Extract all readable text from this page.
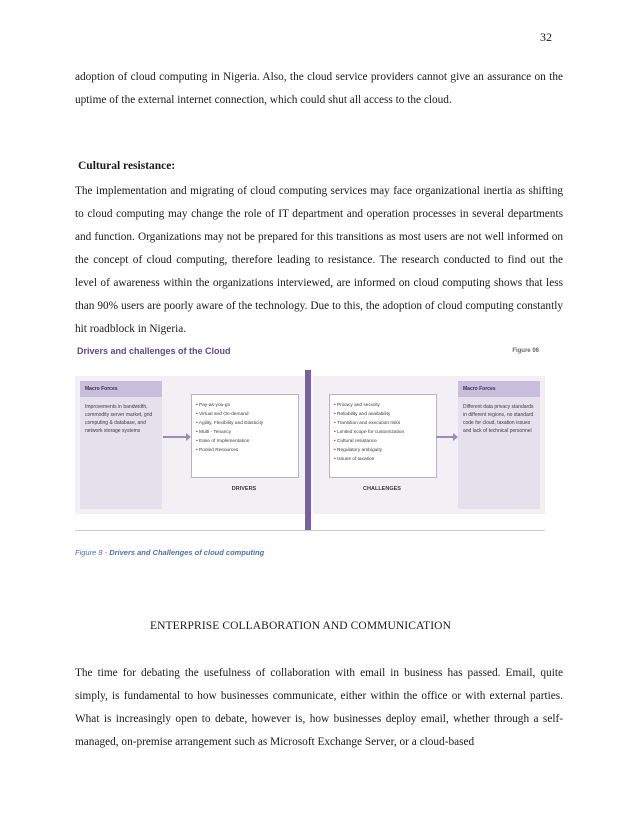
32
adoption of cloud computing in Nigeria. Also, the cloud service providers cannot give an assurance on the uptime of the external internet connection, which could shut all access to the cloud.
Cultural resistance:
The implementation and migrating of cloud computing services may face organizational inertia as shifting to cloud computing may change the role of IT department and operation processes in several departments and function. Organizations may not be prepared for this transitions as most users are not well informed on the concept of cloud computing, therefore leading to resistance. The research conducted to find out the level of awareness within the organizations interviewed, are informed on cloud computing shows that less than 90% users are poorly aware of the technology. Due to this, the adoption of cloud computing constantly hit roadblock in Nigeria.
Drivers and challenges of the Cloud	Figure 06
Macro Forces
Improvements in bandwidth, commodity server market, grid computing & database, and network storage systems
• Pay-as-you-go
• Virtual and On-demand
• Agility, Flexibility and Elasticity
• Multi - Tenancy
• Ease of Implementation
• Pooled Resources
DRIVERS
• Privacy and security
• Reliability and availability
• Transition and execution risks
• Limited scope for customization
• Cultural resistance
• Regulatory ambiguity
• Issues of taxation
CHALLENGES
Macro Forces
Different data privacy standards in different regions, no standard code for cloud, taxation issues and lack of technical personnel
Figure 8 - Drivers and Challenges of cloud computing
ENTERPRISE COLLABORATION AND COMMUNICATION
The time for debating the usefulness of collaboration with email in business has passed. Email, quite simply, is fundamental to how businesses communicate, either within the office or with external parties. What is increasingly open to debate, however is, how businesses deploy email, whether through a self-managed, on-premise arrangement such as Microsoft Exchange Server, or a cloud-based
